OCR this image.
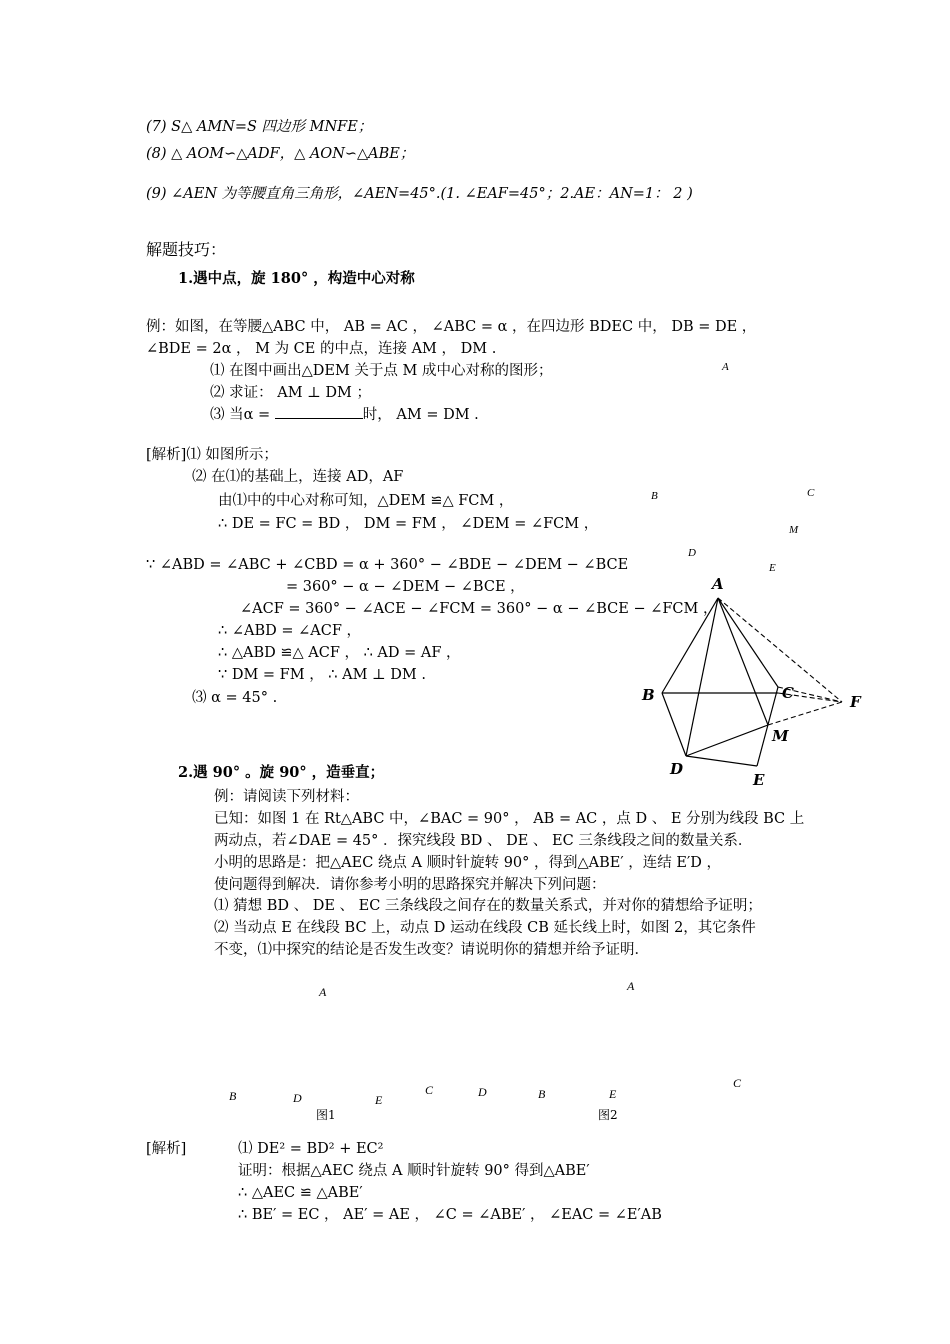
(7) S△ AMN=S 四边形 MNFE；
(8) △ AOM∽△ADF，△ AON∽△ABE；
(9) ∠AEN 为等腰直角三角形，∠AEN=45°.(1. ∠EAF=45°；2.AE：AN=1： 2 )
解题技巧：
1.遇中点，旋 180° ，构造中心对称
例：如图，在等腰△ABC 中， AB = AC ， ∠ABC = α ，在四边形 BDEC 中， DB = DE ，
∠BDE = 2α ， M 为 CE 的中点，连接 AM ， DM .
⑴ 在图中画出△DEM 关于点 M 成中心对称的图形；
⑵ 求证： AM ⊥ DM ；
⑶ 当α =	时， AM = DM .
[解析]⑴ 如图所示；
⑵ 在⑴的基础上，连接 AD，AF
由⑴中的中心对称可知，△DEM ≌△ FCM ，
∴ DE = FC = BD ， DM = FM ， ∠DEM = ∠FCM ，
∵ ∠ABD = ∠ABC + ∠CBD = α + 360° − ∠BDE − ∠DEM − ∠BCE
= 360° − α − ∠DEM − ∠BCE ，
∠ACF = 360° − ∠ACE − ∠FCM = 360° − α − ∠BCE − ∠FCM ，
∴ ∠ABD = ∠ACF ，
∴ △ABD ≌△ ACF ， ∴ AD = AF ，
∵ DM = FM ， ∴ AM ⊥ DM .
⑶ α = 45° .
A
B	C
M
D
E
A
B	C	F
M
D
E
2.遇 90° 。旋 90° ，造垂直；
例：请阅读下列材料：
已知：如图 1 在 Rt△ABC 中，∠BAC = 90° ， AB = AC ，点 D 、 E 分别为线段 BC 上
两动点，若∠DAE = 45° ．探究线段 BD 、 DE 、 EC 三条线段之间的数量关系．
小明的思路是：把△AEC 绕点 A 顺时针旋转 90° ，得到△ABE′ ，连结 E′D ，
使问题得到解决．请你参考小明的思路探究并解决下列问题：
⑴ 猜想 BD 、 DE 、 EC 三条线段之间存在的数量关系式，并对你的猜想给予证明；
⑵ 当动点 E 在线段 BC 上，动点 D 运动在线段 CB 延长线上时，如图 2，其它条件
不变，⑴中探究的结论是否发生改变？请说明你的猜想并给予证明．
A
B	D	E
C
图1
A
D	B	E
C
图2
[解析]	⑴ DE² = BD² + EC²
证明：根据△AEC 绕点 A 顺时针旋转 90° 得到△ABE′
∴ △AEC ≌ △ABE′
∴ BE′ = EC ， AE′ = AE ， ∠C = ∠ABE′ ， ∠EAC = ∠E′AB
